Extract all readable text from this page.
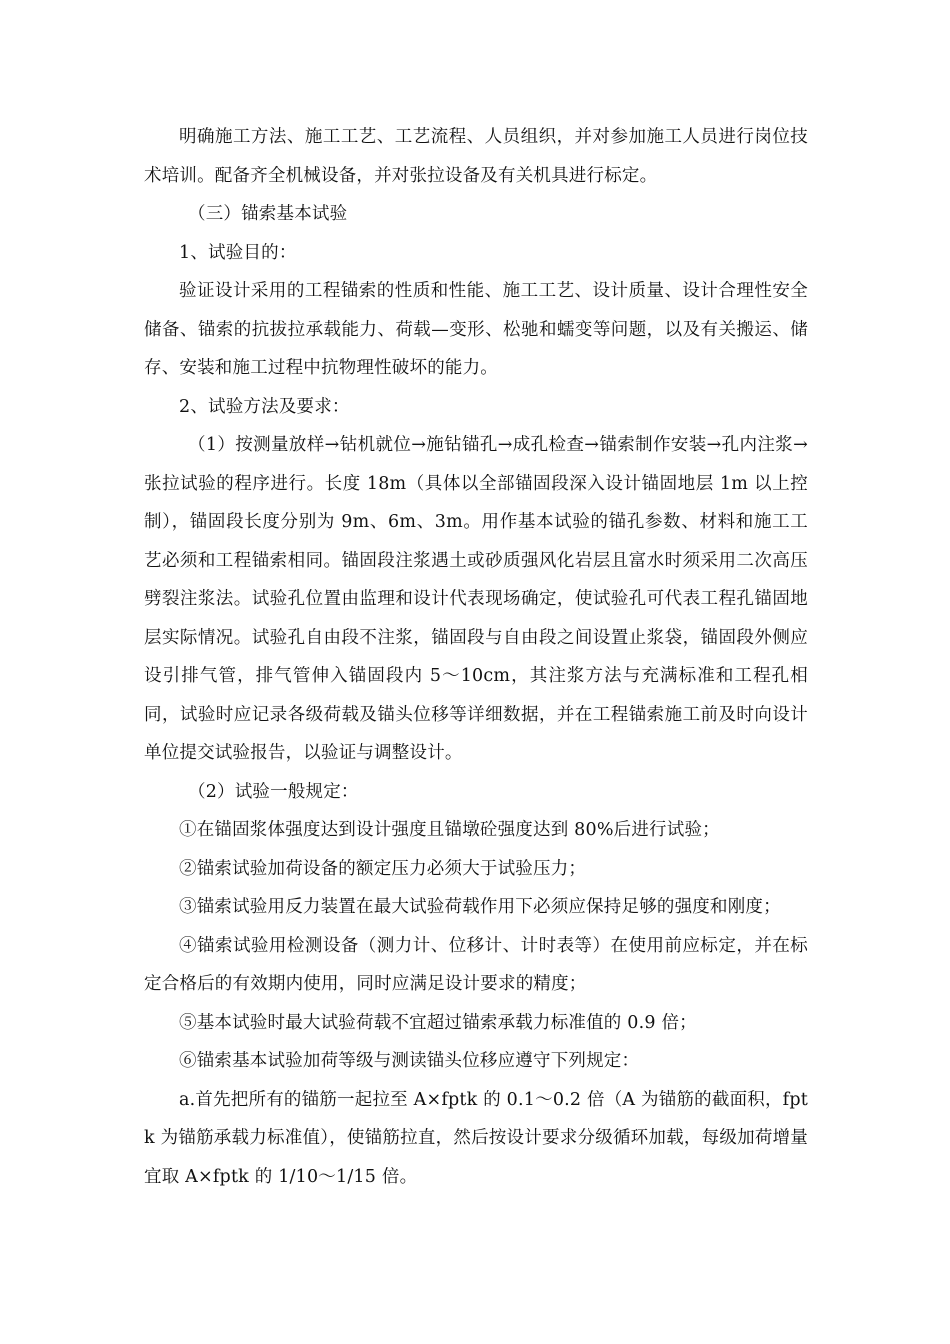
明确施工方法、施工工艺、工艺流程、人员组织，并对参加施工人员进行岗位技术培训。配备齐全机械设备，并对张拉设备及有关机具进行标定。

（三）锚索基本试验

1、试验目的：

验证设计采用的工程锚索的性质和性能、施工工艺、设计质量、设计合理性安全储备、锚索的抗拔拉承载能力、荷载—变形、松驰和蠕变等问题，以及有关搬运、储存、安装和施工过程中抗物理性破坏的能力。

2、试验方法及要求：

（1）按测量放样→钻机就位→施钻锚孔→成孔检查→锚索制作安装→孔内注浆→张拉试验的程序进行。长度 18m（具体以全部锚固段深入设计锚固地层 1m 以上控制），锚固段长度分别为 9m、6m、3m。用作基本试验的锚孔参数、材料和施工工艺必须和工程锚索相同。锚固段注浆遇土或砂质强风化岩层且富水时须采用二次高压劈裂注浆法。试验孔位置由监理和设计代表现场确定，使试验孔可代表工程孔锚固地层实际情况。试验孔自由段不注浆，锚固段与自由段之间设置止浆袋，锚固段外侧应设引排气管，排气管伸入锚固段内 5～10cm，其注浆方法与充满标准和工程孔相同，试验时应记录各级荷载及锚头位移等详细数据，并在工程锚索施工前及时向设计单位提交试验报告，以验证与调整设计。

（2）试验一般规定：

①在锚固浆体强度达到设计强度且锚墩砼强度达到 80%后进行试验；

②锚索试验加荷设备的额定压力必须大于试验压力；

③锚索试验用反力装置在最大试验荷载作用下必须应保持足够的强度和刚度；

④锚索试验用检测设备（测力计、位移计、计时表等）在使用前应标定，并在标定合格后的有效期内使用，同时应满足设计要求的精度；

⑤基本试验时最大试验荷载不宜超过锚索承载力标准值的 0.9 倍；

⑥锚索基本试验加荷等级与测读锚头位移应遵守下列规定：

a.首先把所有的锚筋一起拉至 A×fptk 的 0.1～0.2 倍（A 为锚筋的截面积，fptk 为锚筋承载力标准值），使锚筋拉直，然后按设计要求分级循环加载，每级加荷增量宜取 A×fptk 的 1/10～1/15 倍。
